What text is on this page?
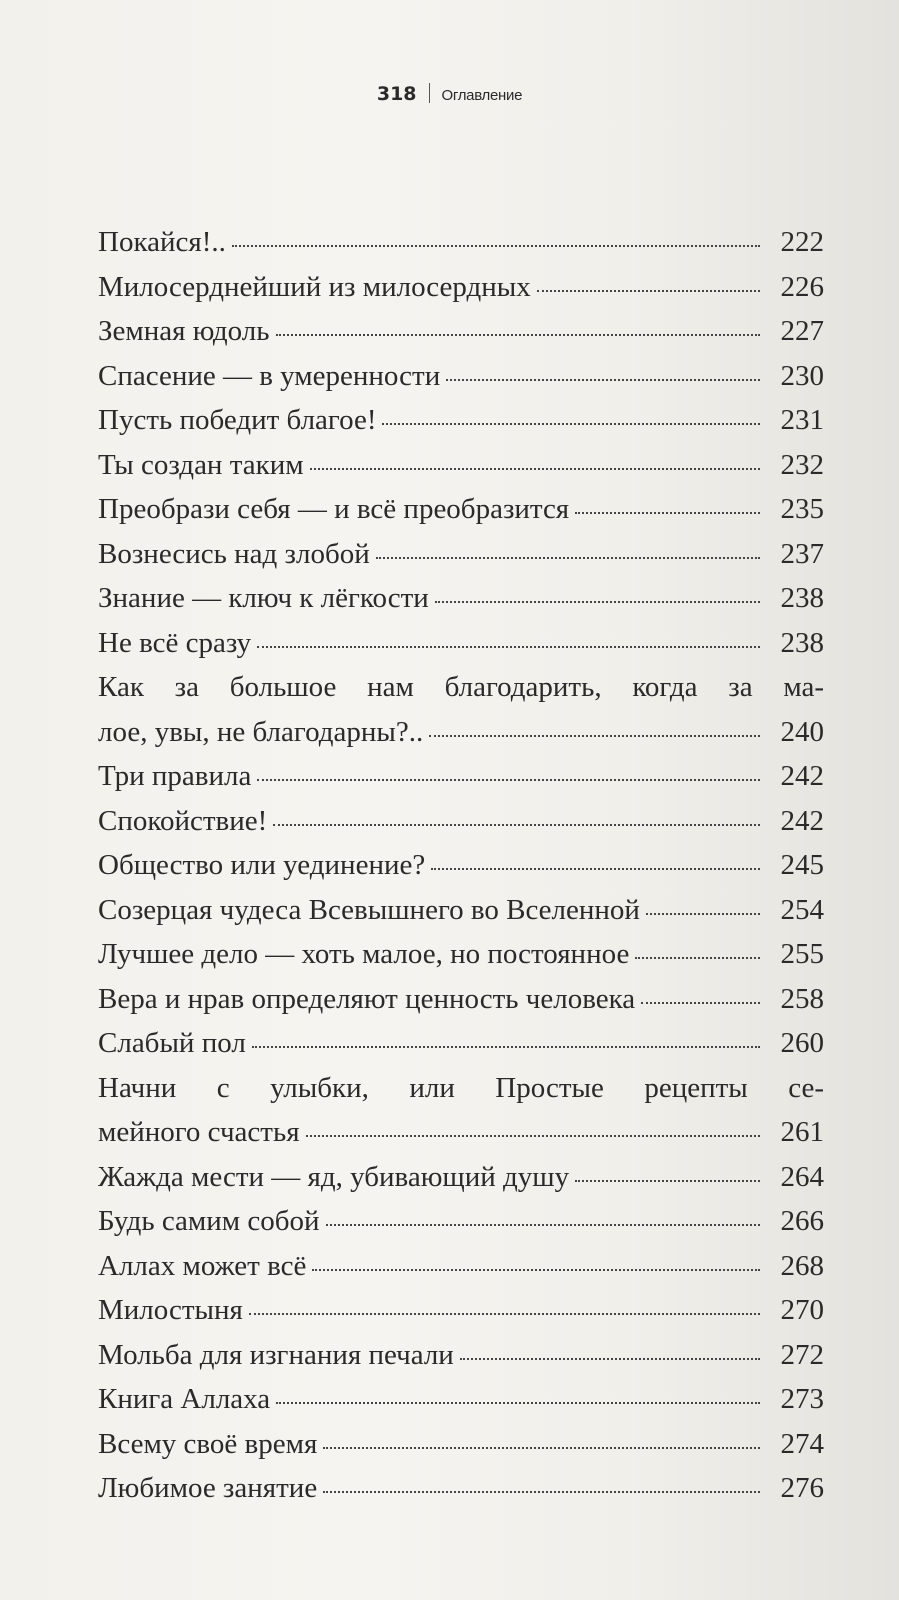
318 Оглавление
Покайся!..	222
Милосерднейший из милосердных	226
Земная юдоль	227
Спасение — в умеренности	230
Пусть победит благое!	231
Ты создан таким	232
Преобрази себя — и всё преобразится	235
Вознесись над злобой	237
Знание — ключ к лёгкости	238
Не всё сразу	238
Как за большое нам благодарить, когда за ма-
лое, увы, не благодарны?..	240
Три правила	242
Спокойствие!	242
Общество или уединение?	245
Созерцая чудеса Всевышнего во Вселенной	254
Лучшее дело — хоть малое, но постоянное	255
Вера и нрав определяют ценность человека	258
Слабый пол	260
Начни с улыбки, или Простые рецепты се-
мейного счастья	261
Жажда мести — яд, убивающий душу	264
Будь самим собой	266
Аллах может всё	268
Милостыня	270
Мольба для изгнания печали	272
Книга Аллаха	273
Всему своё время	274
Любимое занятие	276
